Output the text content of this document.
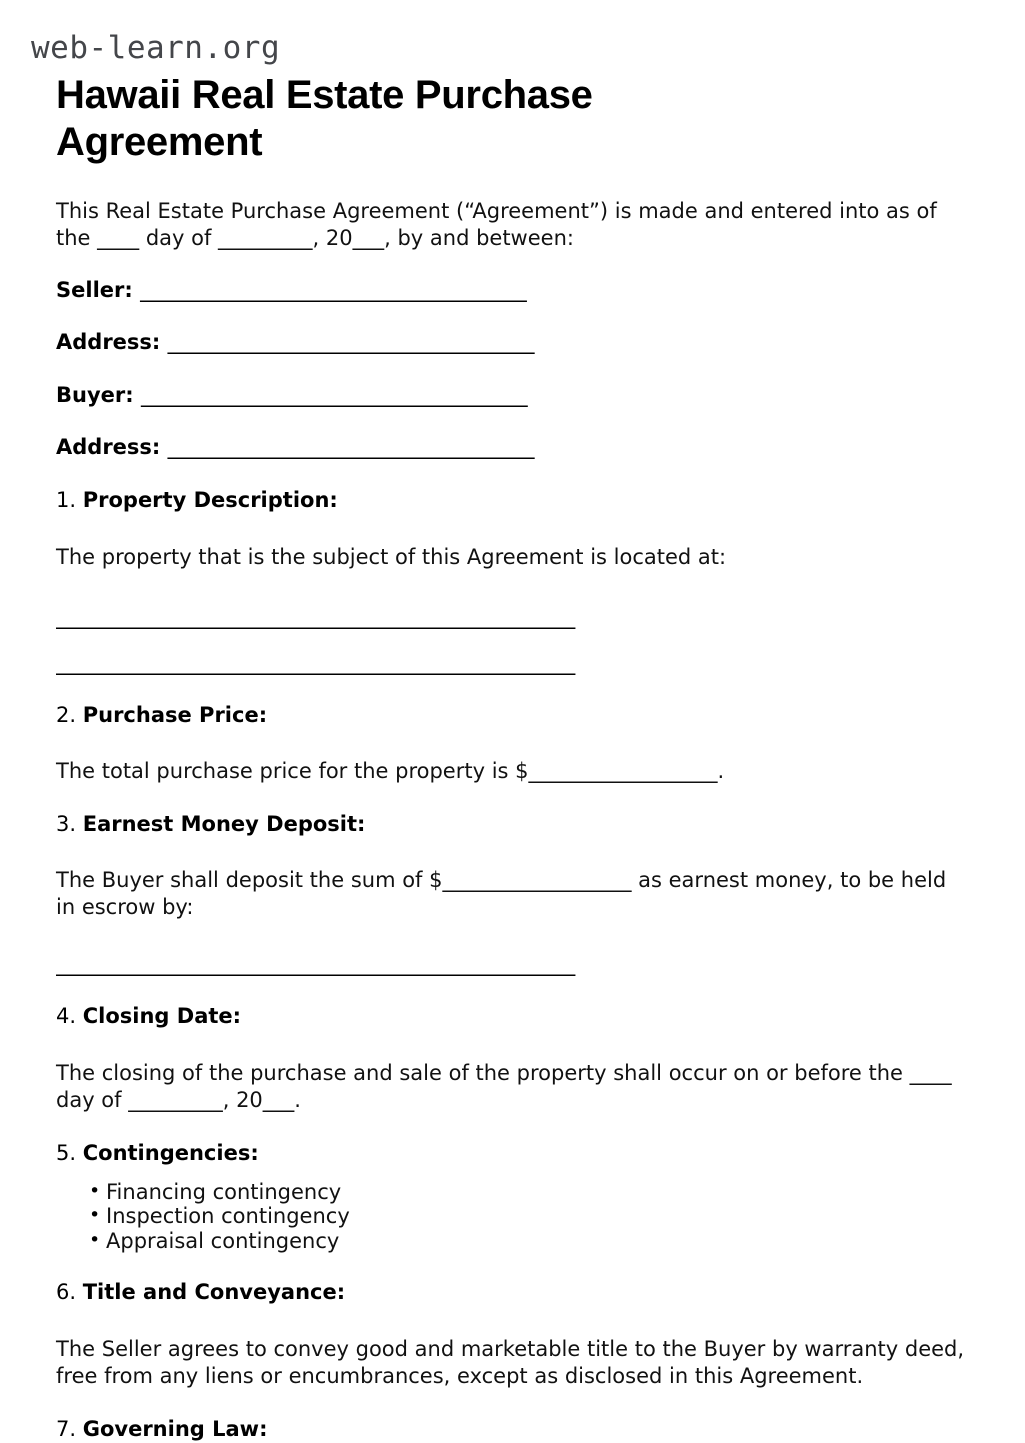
web-learn.org
Hawaii Real Estate Purchase Agreement

This Real Estate Purchase Agreement (“Agreement”) is made and entered into as of the ____ day of _________, 20___, by and between:

Seller: _______________________________________
Address: _____________________________________
Buyer: _______________________________________
Address: _____________________________________
1. Property Description:

The property that is the subject of this Agreement is located at:

______________________________________________________
______________________________________________________
2. Purchase Price:

The total purchase price for the property is $__________________.

3. Earnest Money Deposit:

The Buyer shall deposit the sum of $__________________ as earnest money, to be held in escrow by:

______________________________________________________
4. Closing Date:

The closing of the purchase and sale of the property shall occur on or before the ____ day of _________, 20___.

5. Contingencies:
• Financing contingency
• Inspection contingency
• Appraisal contingency
6. Title and Conveyance:

The Seller agrees to convey good and marketable title to the Buyer by warranty deed, free from any liens or encumbrances, except as disclosed in this Agreement.

7. Governing Law:
